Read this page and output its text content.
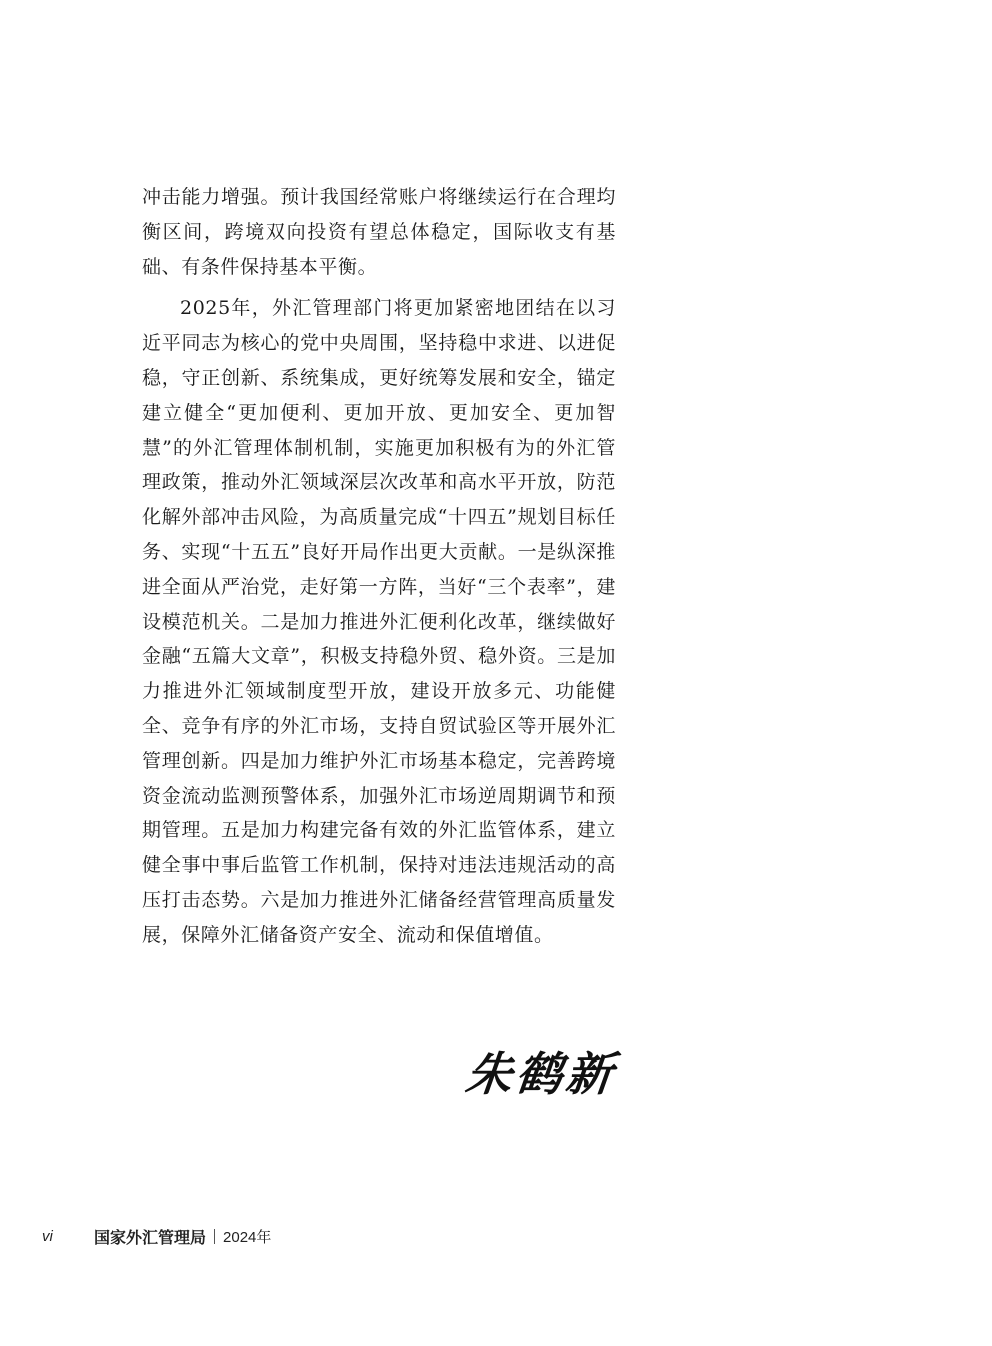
冲击能力增强。预计我国经常账户将继续运行在合理均衡区间，跨境双向投资有望总体稳定，国际收支有基础、有条件保持基本平衡。

2025年，外汇管理部门将更加紧密地团结在以习近平同志为核心的党中央周围，坚持稳中求进、以进促稳，守正创新、系统集成，更好统筹发展和安全，锚定建立健全“更加便利、更加开放、更加安全、更加智慧”的外汇管理体制机制，实施更加积极有为的外汇管理政策，推动外汇领域深层次改革和高水平开放，防范化解外部冲击风险，为高质量完成“十四五”规划目标任务、实现“十五五”良好开局作出更大贡献。一是纵深推进全面从严治党，走好第一方阵，当好“三个表率”，建设模范机关。二是加力推进外汇便利化改革，继续做好金融“五篇大文章”，积极支持稳外贸、稳外资。三是加力推进外汇领域制度型开放，建设开放多元、功能健全、竞争有序的外汇市场，支持自贸试验区等开展外汇管理创新。四是加力维护外汇市场基本稳定，完善跨境资金流动监测预警体系，加强外汇市场逆周期调节和预期管理。五是加力构建完备有效的外汇监管体系，建立健全事中事后监管工作机制，保持对违法违规活动的高压打击态势。六是加力推进外汇储备经营管理高质量发展，保障外汇储备资产安全、流动和保值增值。

朱鹤新
vi	国家外汇管理局 2024年
